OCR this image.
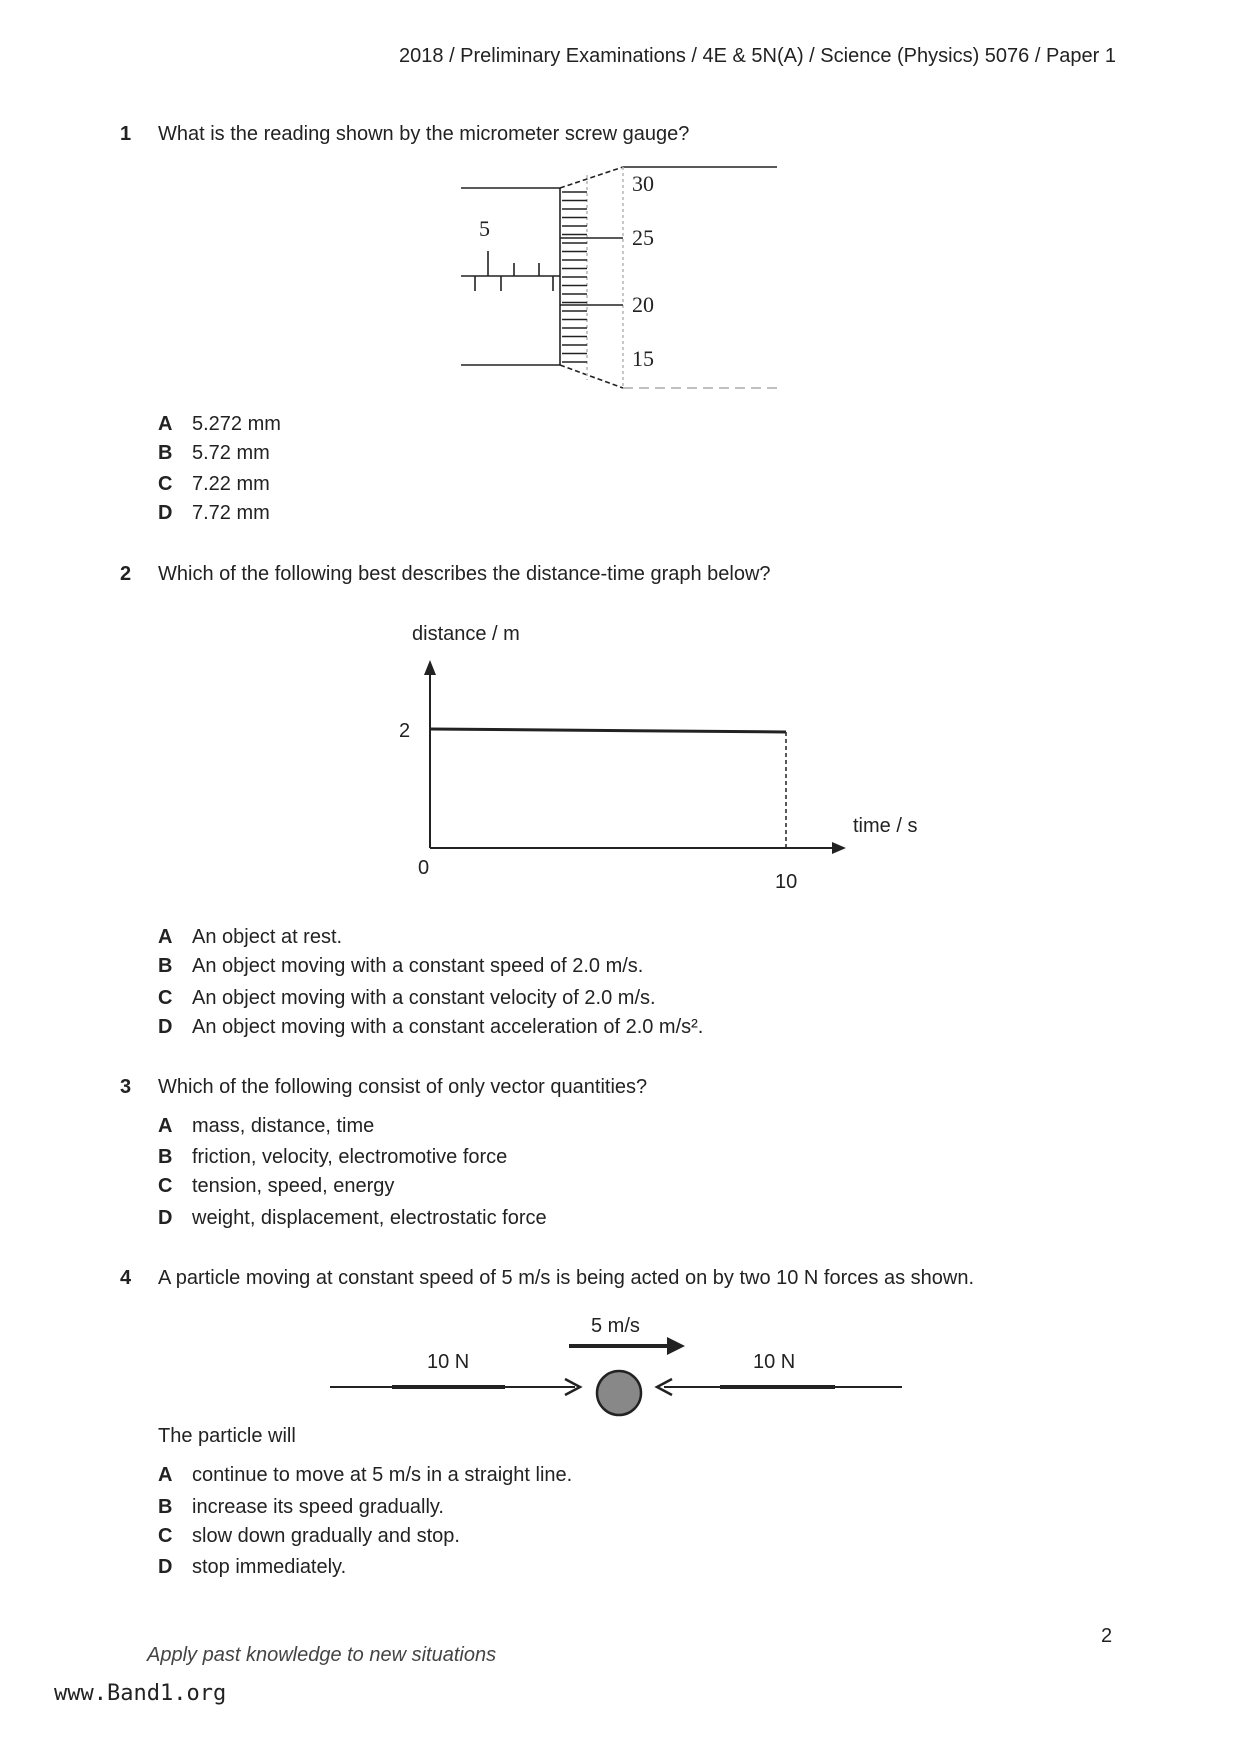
2018 / Preliminary Examinations / 4E & 5N(A) / Science (Physics) 5076 / Paper 1
1 What is the reading shown by the micrometer screw gauge?
5
30
25
20
15
A 5.272 mm
B 5.72 mm
C 7.22 mm
D 7.72 mm
2 Which of the following best describes the distance-time graph below?
distance / m
2
time / s
0
10
A An object at rest.
B An object moving with a constant speed of 2.0 m/s.
C An object moving with a constant velocity of 2.0 m/s.
D An object moving with a constant acceleration of 2.0 m/s².
3 Which of the following consist of only vector quantities?
A mass, distance, time
B friction, velocity, electromotive force
C tension, speed, energy
D weight, displacement, electrostatic force
4 A particle moving at constant speed of 5 m/s is being acted on by two 10 N forces as shown.
5 m/s
10 N	10 N
The particle will
A continue to move at 5 m/s in a straight line.
B increase its speed gradually.
C slow down gradually and stop.
D stop immediately.
2
Apply past knowledge to new situations
www.Band1.org
